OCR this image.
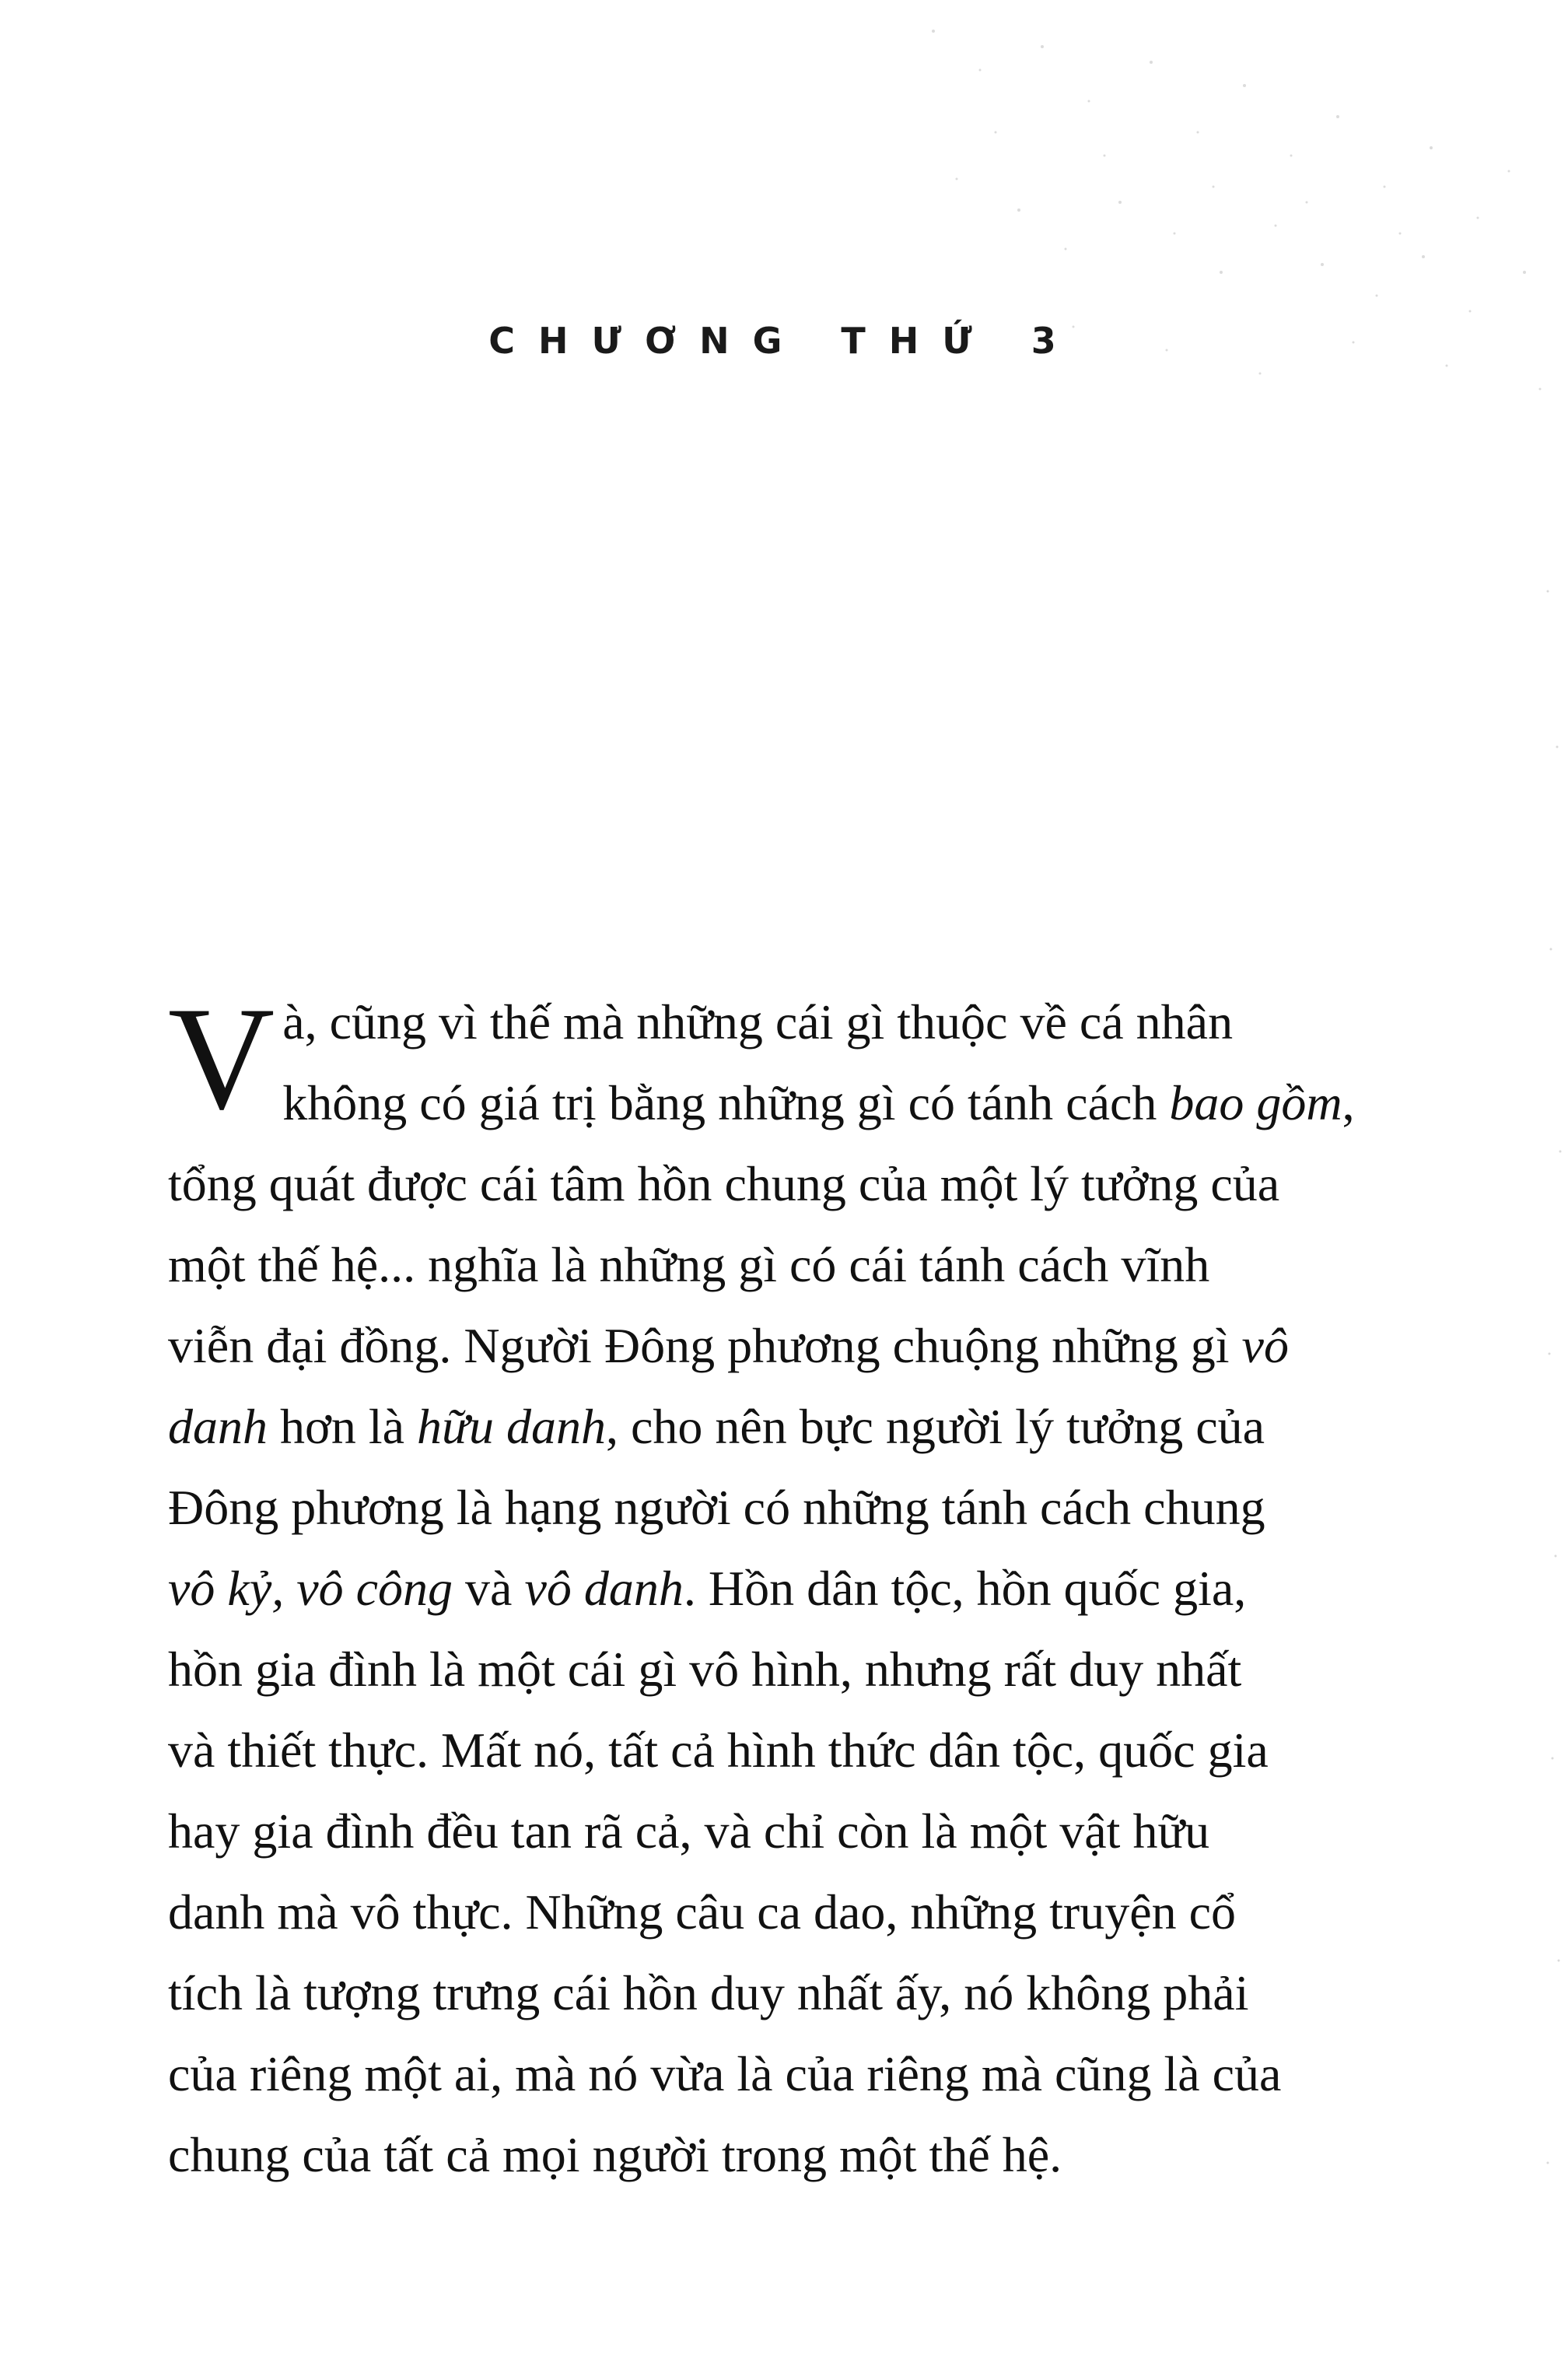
CHƯƠNG THỨ 3
V à, cũng vì thế mà những cái gì thuộc về cá nhân
không có giá trị bằng những gì có tánh cách bao gồm,
tổng quát được cái tâm hồn chung của một lý tưởng của
một thế hệ... nghĩa là những gì có cái tánh cách vĩnh
viễn đại đồng. Người Đông phương chuộng những gì vô
danh hơn là hữu danh, cho nên bực người lý tưởng của
Đông phương là hạng người có những tánh cách chung
vô kỷ, vô công và vô danh. Hồn dân tộc, hồn quốc gia,
hồn gia đình là một cái gì vô hình, nhưng rất duy nhất
và thiết thực. Mất nó, tất cả hình thức dân tộc, quốc gia
hay gia đình đều tan rã cả, và chỉ còn là một vật hữu
danh mà vô thực. Những câu ca dao, những truyện cổ
tích là tượng trưng cái hồn duy nhất ấy, nó không phải
của riêng một ai, mà nó vừa là của riêng mà cũng là của
chung của tất cả mọi người trong một thế hệ.
